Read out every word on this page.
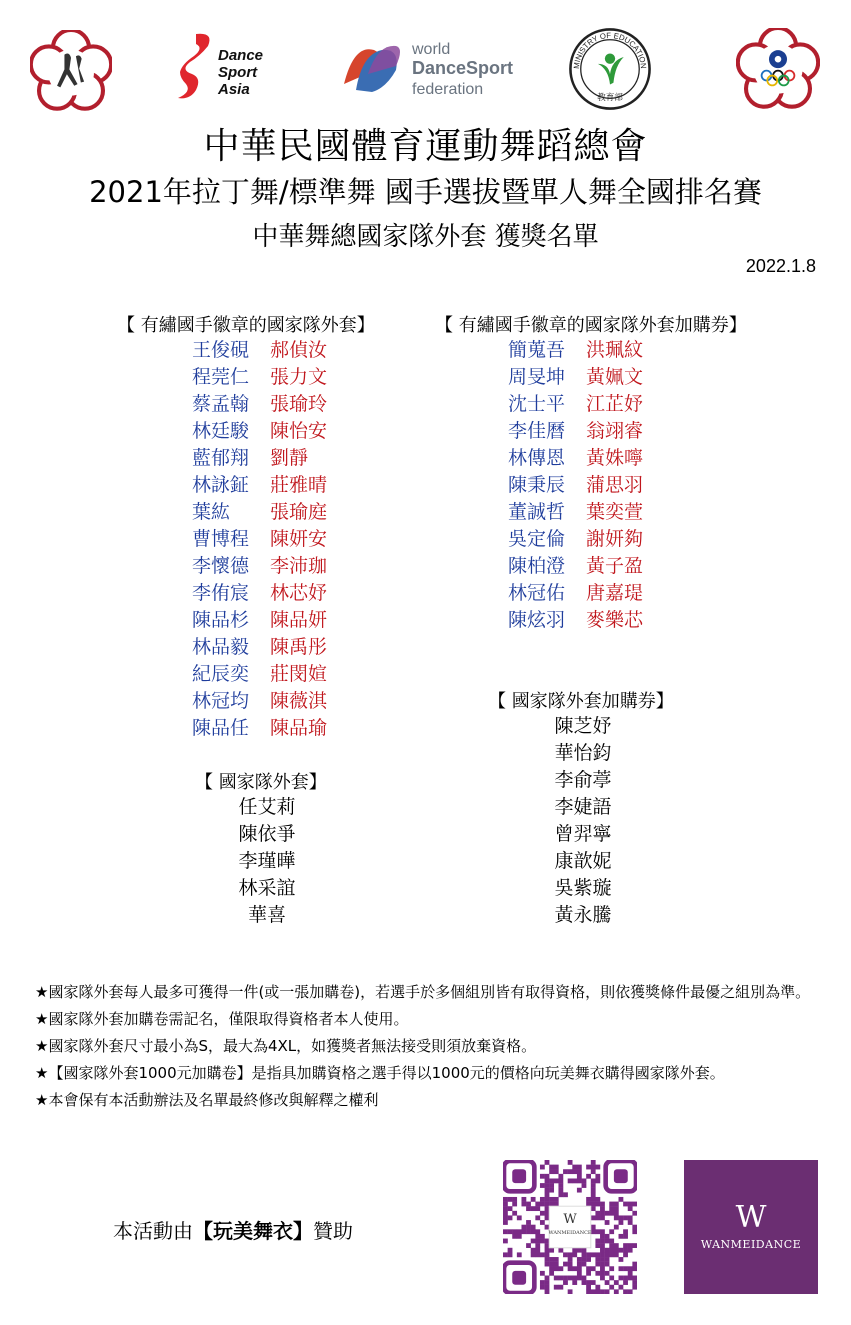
Dance
Sport
Asia
world
DanceSport
federation
MINISTRY OF EDUCATION
教育部
中華民國體育運動舞蹈總會
2021年拉丁舞/標準舞 國手選拔暨單人舞全國排名賽
中華舞總國家隊外套 獲獎名單
2022.1.8
【 有繡國手徽章的國家隊外套】
王俊硯 郝偵汝
程莞仁 張力文
蔡孟翰 張瑜玲
林廷駿 陳怡安
藍郁翔 劉靜
林詠鉦 莊雅晴
葉紘 張瑜庭
曹博程 陳妍安
李懷德 李沛珈
李侑宸 林芯妤
陳品杉 陳品妍
林品毅 陳禹彤
紀辰奕 莊閔媗
林冠均 陳薇淇
陳品任 陳品瑜
【 有繡國手徽章的國家隊外套加購券】
簡蒐吾 洪珮紋
周旻坤 黃姵文
沈士平 江芷妤
李佳曆 翁翊睿
林傳恩 黃姝嚀
陳秉辰 蒲思羽
董誠哲 葉奕萱
吳定倫 謝妍夠
陳柏澄 黃子盈
林冠佑 唐嘉瑅
陳炫羽 麥樂芯
【 國家隊外套】
任艾莉
陳依爭
李瑾曄
林采誼
華喜
【 國家隊外套加購券】
陳芝妤
華怡鈞
李俞葶
李婕語
曾羿寧
康歆妮
吳紫璇
黃永騰
★國家隊外套每人最多可獲得一件(或一張加購卷)，若選手於多個組別皆有取得資格，則依獲獎條件最優之組別為準。
★國家隊外套加購卷需記名，僅限取得資格者本人使用。
★國家隊外套尺寸最小為S，最大為4XL，如獲獎者無法接受則須放棄資格。
★【國家隊外套1000元加購卷】是指具加購資格之選手得以1000元的價格向玩美舞衣購得國家隊外套。
★本會保有本活動辦法及名單最終修改與解釋之權利
本活動由【玩美舞衣】贊助	W
WANMEIDANCE	W
WANMEIDANCE
